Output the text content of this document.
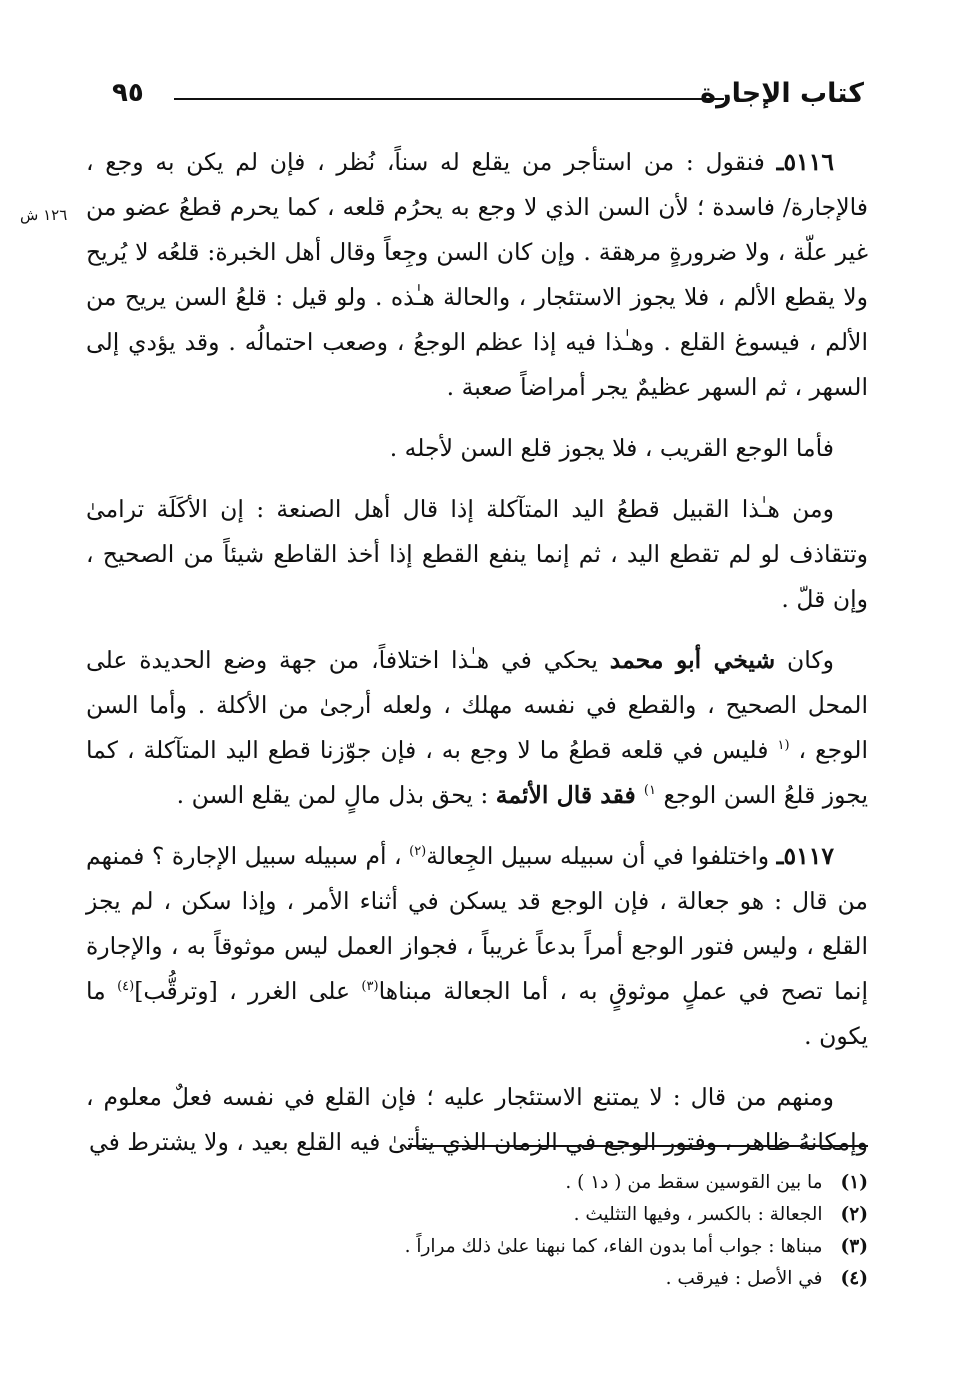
كتاب الإجارة
٩٥
١٢٦ ش

٥١١٦ـ فنقول : من استأجر من يقلع له سناً، نُظر ، فإن لم يكن به وجع ، فالإجارة/ فاسدة ؛ لأن السن الذي لا وجع به يحرُم قلعه ، كما يحرم قطعُ عضو من غير علّة ، ولا ضرورةٍ مرهقة . وإن كان السن وجِعاً وقال أهل الخبرة: قلعُه لا يُريح ولا يقطع الألم ، فلا يجوز الاستئجار ، والحالة هـٰذه . ولو قيل : قلعُ السن يريح من الألم ، فيسوغ القلع . وهـٰذا فيه إذا عظم الوجعُ ، وصعب احتمالُه . وقد يؤدي إلى السهر ، ثم السهر عظيمٌ يجر أمراضاً صعبة .

فأما الوجع القريب ، فلا يجوز قلع السن لأجله .

ومن هـٰذا القبيل قطعُ اليد المتآكلة إذا قال أهل الصنعة : إن الأكَلَة ترامىٰ وتتقاذف لو لم تقطع اليد ، ثم إنما ينفع القطع إذا أخذ القاطع شيئاً من الصحيح ، وإن قلّ .

وكان شيخي أبو محمد يحكي في هـٰذا اختلافاً، من جهة وضع الحديدة على المحل الصحيح ، والقطع في نفسه مهلك ، ولعله أرجىٰ من الأكلة . وأما السن الوجع ، $^{(١}$ فليس في قلعه قطعُ ما لا وجع به ، فإن جوّزنا قطع اليد المتآكلة ، كما يجوز قلعُ السن الوجع $^{١)}$ فقد قال الأئمة : يحق بذل مالٍ لمن يقلع السن .

٥١١٧ـ واختلفوا في أن سبيله سبيل الجِعالة$^{(٢)}$ ، أم سبيله سبيل الإجارة ؟ فمنهم من قال : هو جعالة ، فإن الوجع قد يسكن في أثناء الأمر ، وإذا سكن ، لم يجز القلع ، وليس فتور الوجع أمراً بدعاً غريباً ، فجواز العمل ليس موثوقاً به ، والإجارة إنما تصح في عملٍ موثوقٍ به ، أما الجعالة مبناها$^{(٣)}$ على الغرر ، [وترقُّب]$^{(٤)}$ ما يكون .

ومنهم من قال : لا يمتنع الاستئجار عليه ؛ فإن القلع في نفسه فعلٌ معلوم ، وإمكانهُ ظاهر ، وفتور الوجع في الزمان الذي يتأتىٰ فيه القلع بعيد ، ولا يشترط في

(١)ما بين القوسين سقط من ( د١ ) .

(٢)الجعالة : بالكسر ، وفيها التثليث .

(٣)مبناها : جواب أما بدون الفاء، كما نبهنا علىٰ ذلك مراراً .

(٤)في الأصل : فيرقب .
